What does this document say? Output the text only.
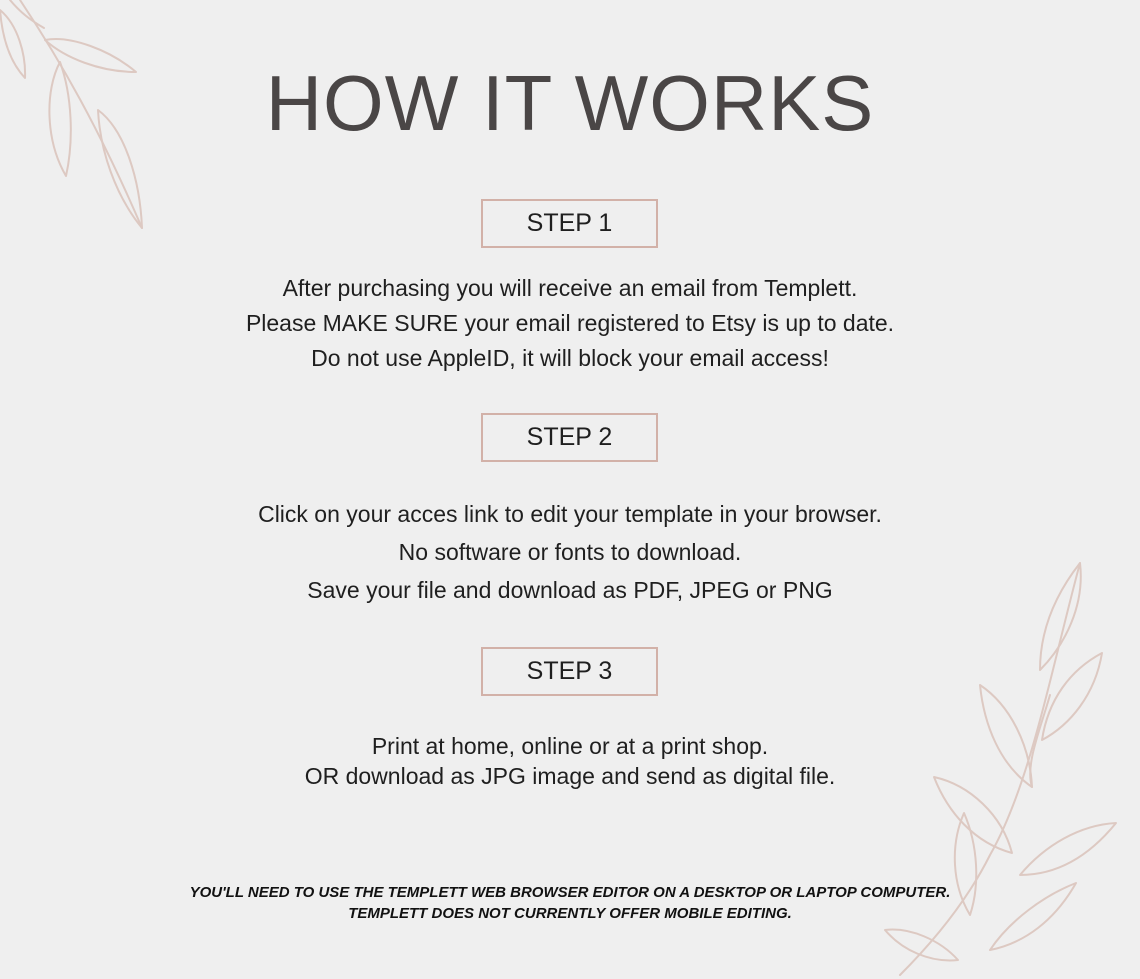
HOW IT WORKS
STEP 1

After purchasing you will receive an email from Templett.

Please MAKE SURE your email registered to Etsy is up to date.

Do not use AppleID, it will block your email access!

STEP 2

Click on your acces link to edit your template in your browser.

No software or fonts to download.

Save your file and download as PDF, JPEG or PNG

STEP 3

Print at home, online or at a print shop.

OR download as JPG image and send as digital file.

YOU'LL NEED TO USE THE TEMPLETT WEB BROWSER EDITOR ON A DESKTOP OR LAPTOP COMPUTER.

TEMPLETT DOES NOT CURRENTLY OFFER MOBILE EDITING.
